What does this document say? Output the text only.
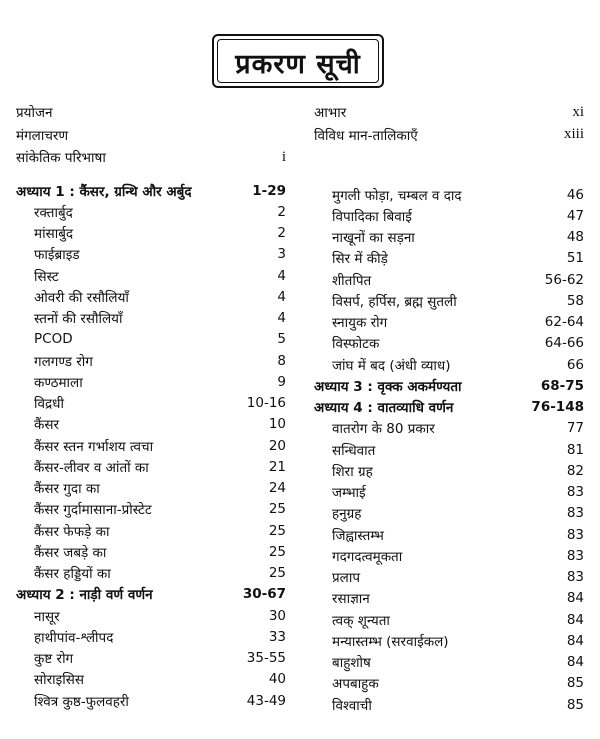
प्रकरण सूची
प्रयोजन
मंगलाचरण
सांकेतिक परिभाषा	i
आभार	xi
विविध मान-तालिकाएँ	xiii
अध्याय 1 : कैंसर, ग्रन्थि और अर्बुद	1-29
रक्तार्बुद	2
मांसार्बुद	2
फाईब्राइड	3
सिस्ट	4
ओवरी की रसौलियाँ	4
स्तनों की रसौलियाँ	4
PCOD	5
गलगण्ड रोग	8
कण्ठमाला	9
विद्रधी	10-16
कैंसर	10
कैंसर स्तन गर्भाशय त्वचा	20
कैंसर-लीवर व आंतों का	21
कैंसर गुदा का	24
कैंसर गुर्दामासाना-प्रोस्टेट	25
कैंसर फेफड़े का	25
कैंसर जबड़े का	25
कैंसर हड्डियों का	25
अध्याय 2 : नाड़ी वर्ण वर्णन	30-67
नासूर	30
हाथीपांव-श्लीपद	33
कुष्ट रोग	35-55
सोराइसिस	40
श्वित्र कुष्ठ-फुलवहरी	43-49
मुगली फोड़ा, चम्बल व दाद	46
विपादिका बिवाई	47
नाखूनों का सड़ना	48
सिर में कीड़े	51
शीतपित	56-62
विसर्प, हर्पिस, ब्रह्म सुतली	58
स्नायुक रोग	62-64
विस्फोटक	64-66
जांघ में बद (अंधी व्याध)	66
अध्याय 3 : वृक्क अकर्मण्यता	68-75
अध्याय 4 : वातव्याधि वर्णन	76-148
वातरोग के 80 प्रकार	77
सन्धिवात	81
शिरा ग्रह	82
जम्भाई	83
हनुग्रह	83
जिह्वास्तम्भ	83
गदगदत्वमूकता	83
प्रलाप	83
रसाज्ञान	84
त्वक् शून्यता	84
मन्यास्तम्भ (सरवाईकल)	84
बाहुशोष	84
अपबाहुक	85
विश्वाची	85
